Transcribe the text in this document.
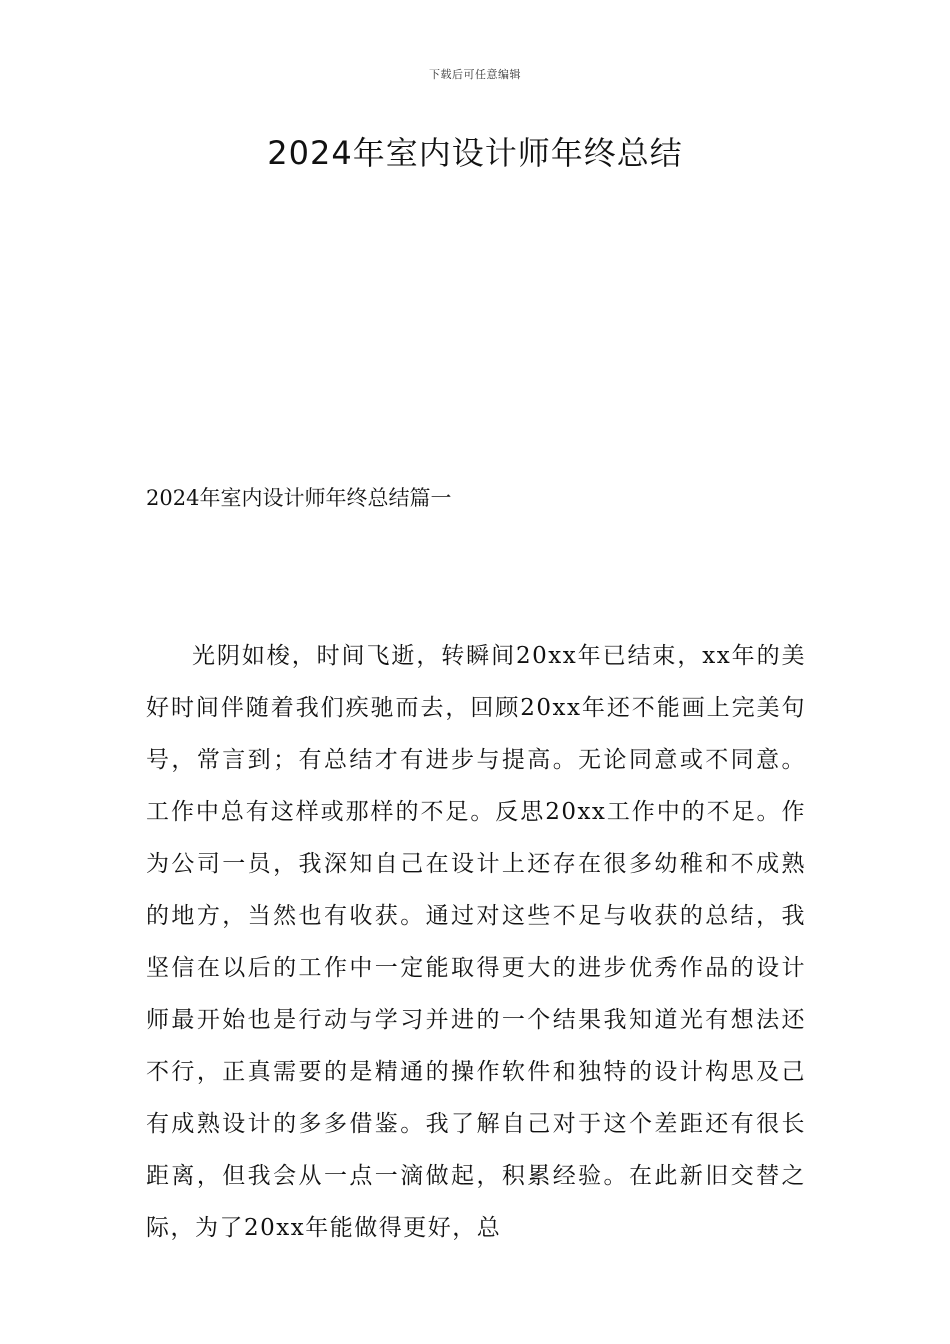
下载后可任意编辑
2024年室内设计师年终总结
2024年室内设计师年终总结篇一

光阴如梭，时间飞逝，转瞬间20xx年已结束，xx年的美好时间伴随着我们疾驰而去，回顾20xx年还不能画上完美句号，常言到；有总结才有进步与提高。无论同意或不同意。工作中总有这样或那样的不足。反思20xx工作中的不足。作为公司一员，我深知自己在设计上还存在很多幼稚和不成熟的地方，当然也有收获。通过对这些不足与收获的总结，我坚信在以后的工作中一定能取得更大的进步优秀作品的设计师最开始也是行动与学习并进的一个结果我知道光有想法还不行，正真需要的是精通的操作软件和独特的设计构思及己有成熟设计的多多借鉴。我了解自己对于这个差距还有很长距离，但我会从一点一滴做起，积累经验。在此新旧交替之际，为了20xx年能做得更好，总
